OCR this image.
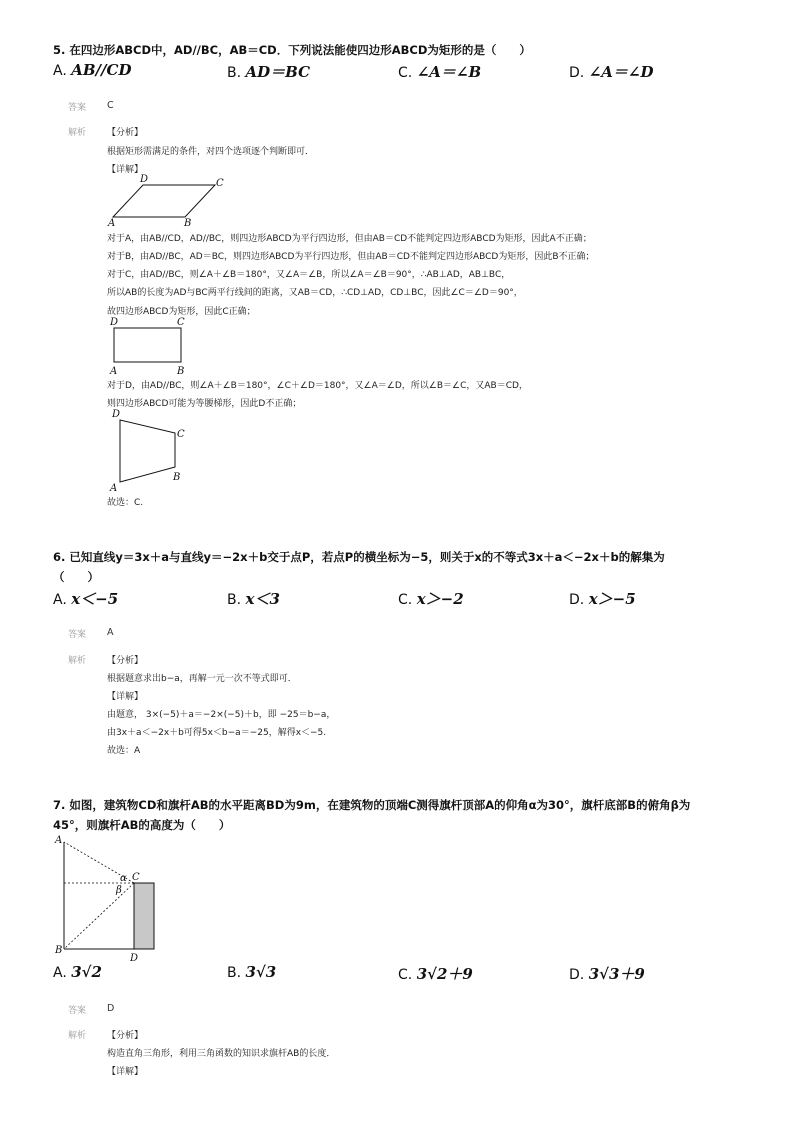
5. 在四边形ABCD中，AD//BC，AB＝CD．下列说法能使四边形ABCD为矩形的是（　　）
A. AB//CD	B. AD＝BC	C. ∠A＝∠B	D. ∠A＝∠D
答案 C
解析 【分析】
根据矩形需满足的条件，对四个选项逐个判断即可．
【详解】
D	C
A	B
对于A，由AB//CD，AD//BC，则四边形ABCD为平行四边形，但由AB＝CD不能判定四边形ABCD为矩形，因此A不正确；
对于B，由AD//BC，AD＝BC，则四边形ABCD为平行四边形，但由AB＝CD不能判定四边形ABCD为矩形，因此B不正确；
对于C，由AD//BC，则∠A＋∠B＝180°，又∠A＝∠B，所以∠A＝∠B＝90°，∴AB⊥AD，AB⊥BC，
所以AB的长度为AD与BC两平行线间的距离，又AB＝CD，∴CD⊥AD，CD⊥BC，因此∠C＝∠D＝90°，
故四边形ABCD为矩形，因此C正确；
D	C
A	B
对于D，由AD//BC，则∠A＋∠B＝180°，∠C＋∠D＝180°，又∠A＝∠D，所以∠B＝∠C，又AB＝CD，
则四边形ABCD可能为等腰梯形，因此D不正确；
D
C
B
A
故选：C.
6. 已知直线y＝3x＋a与直线y＝−2x＋b交于点P，若点P的横坐标为−5，则关于x的不等式3x＋a＜−2x＋b的解集为
（　　）
A. x＜−5	B. x＜3	C. x＞−2	D. x＞−5
答案 A
解析 【分析】
根据题意求出b−a，再解一元一次不等式即可．
【详解】
由题意， 3×(−5)＋a＝−2×(−5)＋b，即 −25＝b−a，
由3x＋a＜−2x＋b可得5x＜b−a＝−25，解得x＜−5.
故选：A
7. 如图，建筑物CD和旗杆AB的水平距离BD为9m，在建筑物的顶端C测得旗杆顶部A的仰角α为30°，旗杆底部B的俯角β为
45°，则旗杆AB的高度为（　　）
A
B
C
D
α
β
A. 3√2	B. 3√3	C. 3√2＋9	D. 3√3＋9
答案 D
解析 【分析】
构造直角三角形，利用三角函数的知识求旗杆AB的长度．
【详解】
